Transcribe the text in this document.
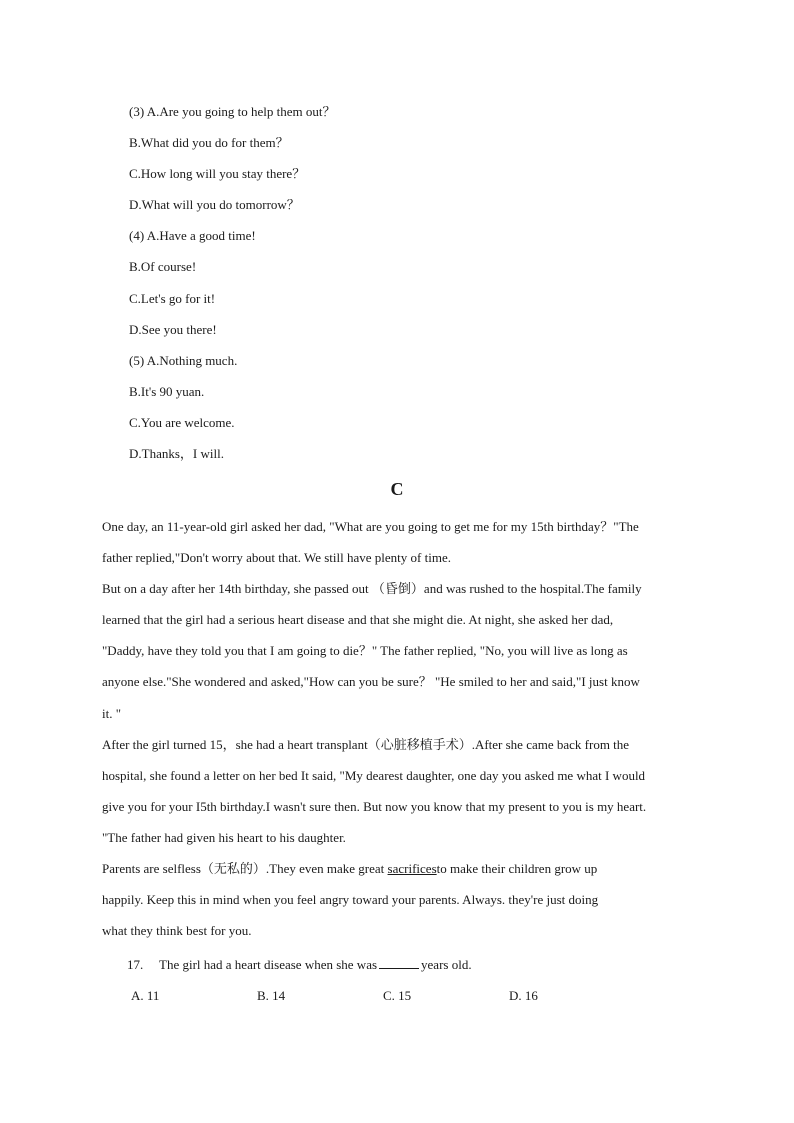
(3) A.Are you going to help them out？
B.What did you do for them？
C.How long will you stay there？
D.What will you do tomorrow？
(4) A.Have a good time!
B.Of course!
C.Let's go for it!
D.See you there!
(5) A.Nothing much.
B.It's 90 yuan.
C.You are welcome.
D.Thanks，I will.
C
One day, an 11-year-old girl asked her dad, "What are you going to get me for my 15th birthday？"The
father replied,"Don't worry about that. We still have plenty of time.
But on a day after her 14th birthday, she passed out （昏倒）and was rushed to the hospital.The family
learned that the girl had a serious heart disease and that she might die. At night, she asked her dad,
"Daddy, have they told you that I am going to die？" The father replied, "No, you will live as long as
anyone else."She wondered and asked,"How can you be sure？ "He smiled to her and said,"I just know
it. "
After the girl turned 15，she had a heart transplant（心脏移植手术）.After she came back from the
hospital, she found a letter on her bed It said, "My dearest daughter, one day you asked me what I would
give you for your I5th birthday.I wasn't sure then. But now you know that my present to you is my heart.
"The father had given his heart to his daughter.
Parents are selfless（无私的）.They even make great sacrificesto make their children grow up
happily. Keep this in mind when you feel angry toward your parents. Always. they're just doing
what they think best for you.
17. The girl had a heart disease when she was	years old.
A. 11	B. 14	C. 15	D. 16
